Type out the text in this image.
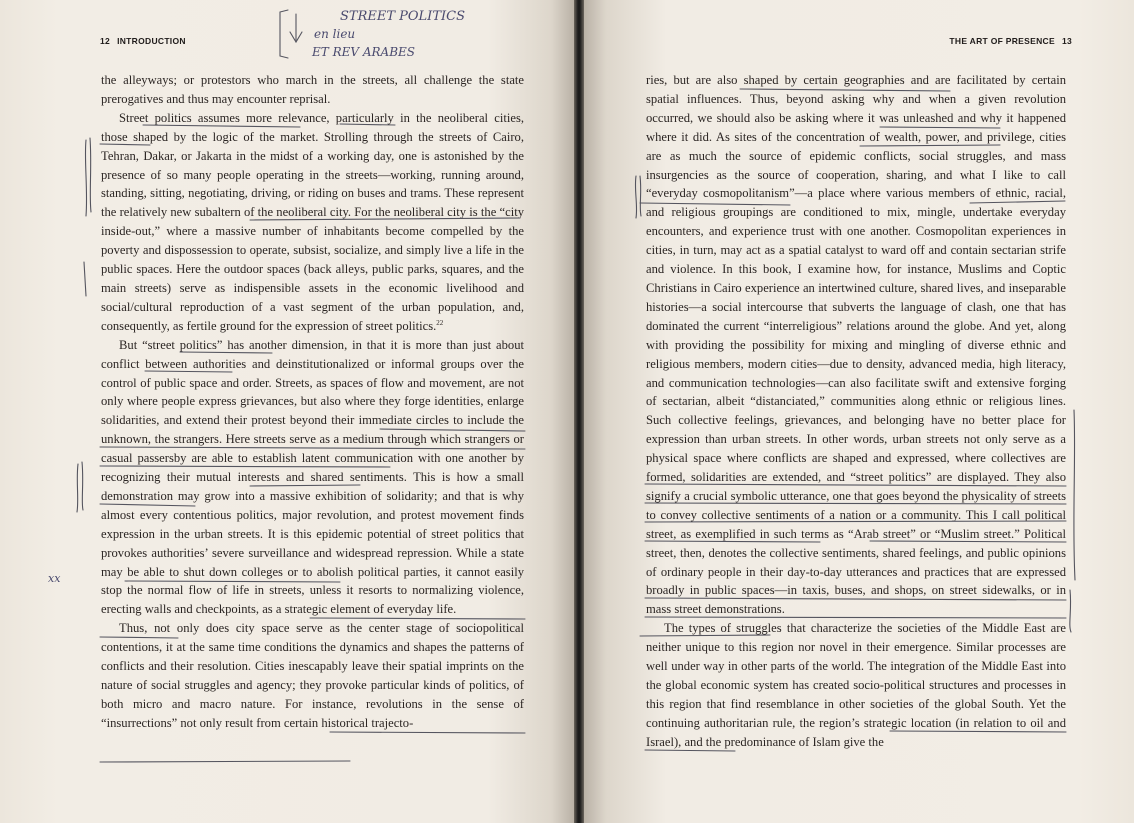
12 INTRODUCTION

the alleyways; or protestors who march in the streets, all challenge the state prerogatives and thus may encounter reprisal.

Street politics assumes more relevance, particularly in the neoliberal cities, those shaped by the logic of the market. Strolling through the streets of Cairo, Tehran, Dakar, or Jakarta in the midst of a working day, one is astonished by the presence of so many people operating in the streets—working, running around, standing, sitting, negotiating, driving, or riding on buses and trams. These represent the relatively new subaltern of the neoliberal city. For the neoliberal city is the “city inside-out,” where a massive number of inhabitants become compelled by the poverty and dispossession to operate, subsist, socialize, and simply live a life in the public spaces. Here the outdoor spaces (back alleys, public parks, squares, and the main streets) serve as indispensible assets in the economic livelihood and social/cultural reproduction of a vast segment of the urban population, and, consequently, as fertile ground for the expression of street politics.$^{22}$

But “street politics” has another dimension, in that it is more than just about conflict between authorities and deinstitutionalized or informal groups over the control of public space and order. Streets, as spaces of flow and movement, are not only where people express grievances, but also where they forge identities, enlarge solidarities, and extend their protest beyond their immediate circles to include the unknown, the strangers. Here streets serve as a medium through which strangers or casual passersby are able to establish latent communication with one another by recognizing their mutual interests and shared sentiments. This is how a small demonstration may grow into a massive exhibition of solidarity; and that is why almost every contentious politics, major revolution, and protest movement finds expression in the urban streets. It is this epidemic potential of street politics that provokes authorities’ severe surveillance and widespread repression. While a state may be able to shut down colleges or to abolish political parties, it cannot easily stop the normal flow of life in streets, unless it resorts to normalizing violence, erecting walls and checkpoints, as a strategic element of everyday life.

Thus, not only does city space serve as the center stage of sociopolitical contentions, it at the same time conditions the dynamics and shapes the patterns of conflicts and their resolution. Cities inescapably leave their spatial imprints on the nature of social struggles and agency; they provoke particular kinds of politics, of both micro and macro nature. For instance, revolutions in the sense of “insurrections” not only result from certain historical trajecto-

THE ART OF PRESENCE 13

ries, but are also shaped by certain geographies and are facilitated by certain spatial influences. Thus, beyond asking why and when a given revolution occurred, we should also be asking where it was unleashed and why it happened where it did. As sites of the concentration of wealth, power, and privilege, cities are as much the source of epidemic conflicts, social struggles, and mass insurgencies as the source of cooperation, sharing, and what I like to call “everyday cosmopolitanism”—a place where various members of ethnic, racial, and religious groupings are conditioned to mix, mingle, undertake everyday encounters, and experience trust with one another. Cosmopolitan experiences in cities, in turn, may act as a spatial catalyst to ward off and contain sectarian strife and violence. In this book, I examine how, for instance, Muslims and Coptic Christians in Cairo experience an intertwined culture, shared lives, and inseparable histories—a social intercourse that subverts the language of clash, one that has dominated the current “interreligious” relations around the globe. And yet, along with providing the possibility for mixing and mingling of diverse ethnic and religious members, modern cities—due to density, advanced media, high literacy, and communication technologies—can also facilitate swift and extensive forging of sectarian, albeit “distanciated,” communities along ethnic or religious lines. Such collective feelings, grievances, and belonging have no better place for expression than urban streets. In other words, urban streets not only serve as a physical space where conflicts are shaped and expressed, where collectives are formed, solidarities are extended, and “street politics” are displayed. They also signify a crucial symbolic utterance, one that goes beyond the physicality of streets to convey collective sentiments of a nation or a community. This I call political street, as exemplified in such terms as “Arab street” or “Muslim street.” Political street, then, denotes the collective sentiments, shared feelings, and public opinions of ordinary people in their day-to-day utterances and practices that are expressed broadly in public spaces—in taxis, buses, and shops, on street sidewalks, or in mass street demonstrations.

The types of struggles that characterize the societies of the Middle East are neither unique to this region nor novel in their emergence. Similar processes are well under way in other parts of the world. The integration of the Middle East into the global economic system has created socio-political structures and processes in this region that find resemblance in other societies of the global South. Yet the continuing authoritarian rule, the region’s strategic location (in relation to oil and Israel), and the predominance of Islam give the

STREET POLITICS
en lieu
ET REV ARABES
xx
